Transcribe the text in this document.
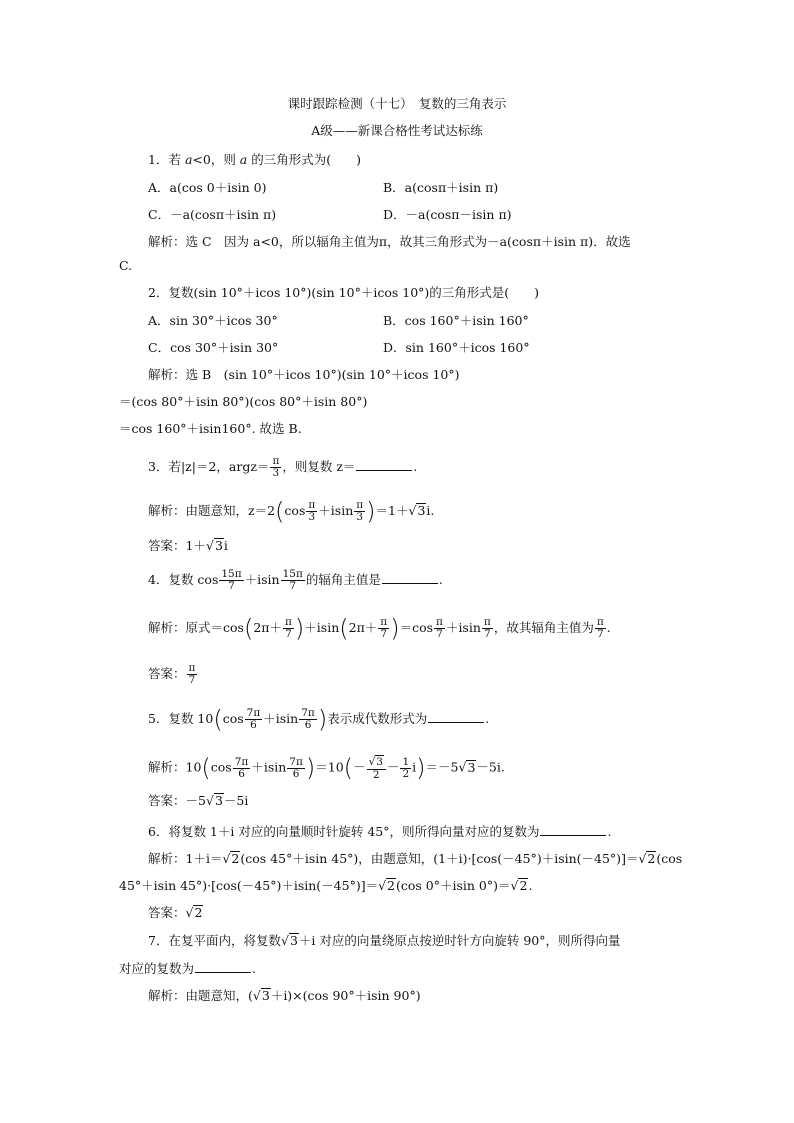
课时跟踪检测（十七）　复数的三角表示
A级——新课合格性考试达标练
1．若 a<0，则 a 的三角形式为(　　)
A．a(cos 0＋isin 0)	B．a(cosπ＋isin π)
C．－a(cosπ＋isin π)	D．－a(cosπ－isin π)
解析：选 C　因为 a<0，所以辐角主值为π，故其三角形式为－a(cosπ＋isin π)．故选
C.
2．复数(sin 10°＋icos 10°)(sin 10°＋icos 10°)的三角形式是(　　)
A．sin 30°＋icos 30°	B．cos 160°＋isin 160°
C．cos 30°＋isin 30°	D．sin 160°＋icos 160°
解析：选 B　(sin 10°＋icos 10°)(sin 10°＋icos 10°)
＝(cos 80°＋isin 80°)(cos 80°＋isin 80°)
＝cos 160°＋isin160°. 故选 B.
3．若|z|＝2，argz＝ $\frac{\pi}{3}$ ，则复数 z＝	.
解析：由题意知，$z=2(\cos \frac{\pi}{3} +isin \frac{\pi}{3} )=1+√3i$.
答案：1＋√3i
4．复数 $\cos \frac{15\pi}{7} +isin \frac{15\pi}{7}$ 的辐角主值是	.
解析：原式$=\cos(2\pi+ \frac{\pi}{7} )+isin(2\pi+ \frac{\pi}{7} )=\cos \frac{\pi}{7} +isin \frac{\pi}{7}$ ，故其辐角主值为 $\frac{\pi}{7}$ .
答案： $\frac{\pi}{7}$
5．复数 $10(\cos \frac{7\pi}{6} +isin \frac{7\pi}{6}$ )表示成代数形式为	.
解析：$10(\cos \frac{7\pi}{6} +isin \frac{7\pi}{6} )=10(- \frac{√3}{2} - \frac{1}{2} i)=-5√3-5i$.
答案：－5√3－5i
6．将复数 1＋i 对应的向量顺时针旋转 45°，则所得向量对应的复数为	.
解析：1＋i＝√2(cos 45°＋isin 45°)，由题意知，(1＋i)·[cos(－45°)＋isin(－45°)]＝√2(cos
45°＋isin 45°)·[cos(－45°)＋isin(－45°)]＝√2(cos 0°＋isin 0°)＝√2.
答案：√2
7．在复平面内，将复数√3＋i 对应的向量绕原点按逆时针方向旋转 90°，则所得向量
对应的复数为	.
解析：由题意知，(√3＋i)×(cos 90°＋isin 90°)
